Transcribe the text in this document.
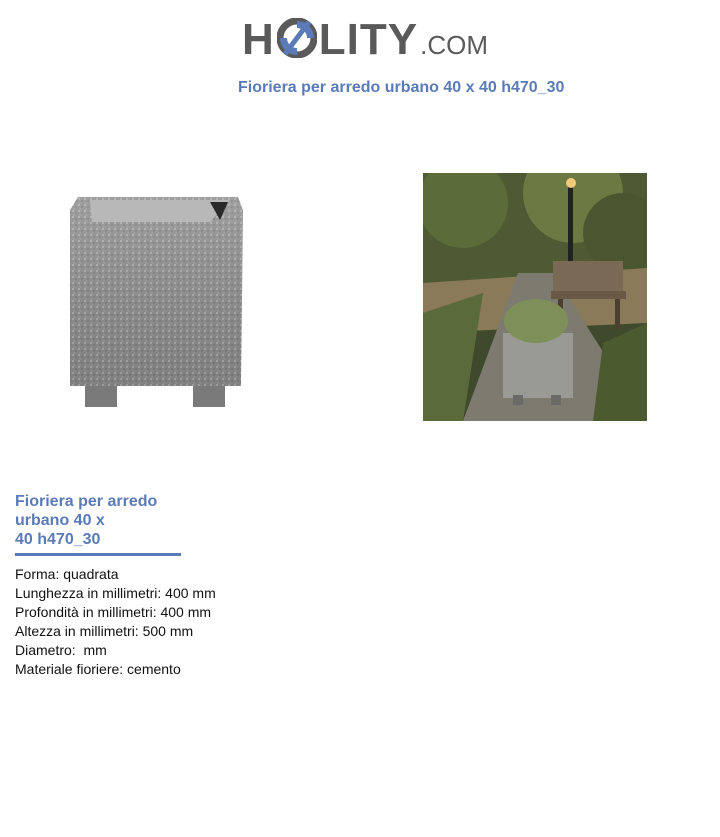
H LITY .COM
Fioriera per arredo urbano 40 x 40 h470_30
Fioriera per arredo
urbano 40 x
40 h470_30
Forma: quadrata
Lunghezza in millimetri: 400 mm
Profondità in millimetri: 400 mm
Altezza in millimetri: 500 mm
Diametro:  mm
Materiale fioriere: cemento
